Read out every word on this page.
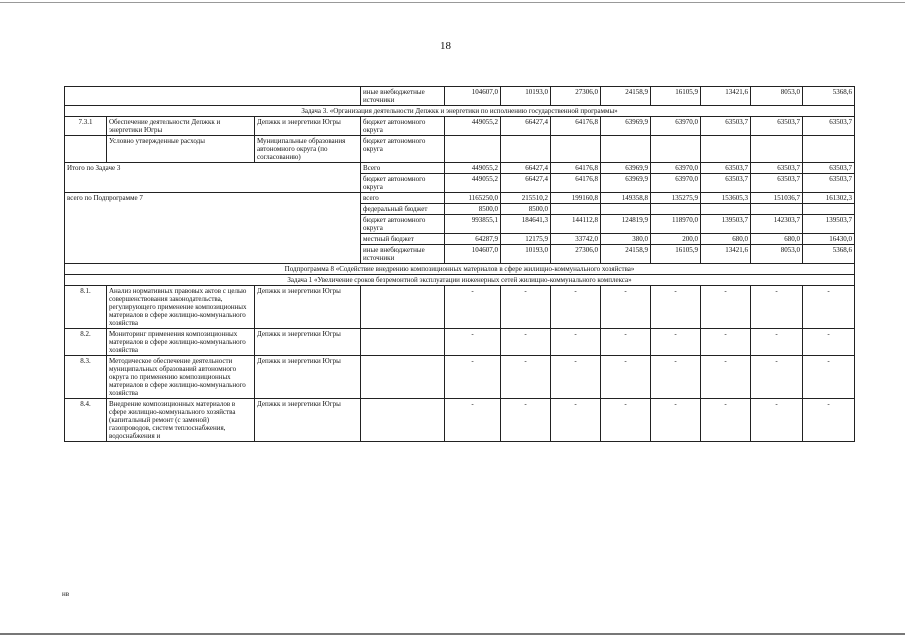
18
			иные внебюджетные источники	104607,0	10193,0	27306,0	24158,9	16105,9	13421,6	8053,0	5368,6
Задача 3. «Организация деятельности Депжкк и энергетики по исполнению государственной программы»											
7.3.1	Обеспечение деятельности Депжкк и энергетики Югры	Депжкк и энергетики Югры	бюджет автономного округа	449055,2	66427,4	64176,8	63969,9	63970,0	63503,7	63503,7	63503,7
	Условно утвержденные расходы	Муниципальные образования автономного округа (по согласованию)	бюджет автономного округа								
Итого по Задаче 3			Всего	449055,2	66427,4	64176,8	63969,9	63970,0	63503,7	63503,7	63503,7
			бюджет автономного округа	449055,2	66427,4	64176,8	63969,9	63970,0	63503,7	63503,7	63503,7
всего по Подпрограмме 7			всего	1165250,0	215510,2	199160,8	149358,8	135275,9	153605,3	151036,7	161302,3
			федеральный бюджет	8500,0	8500,0						
			бюджет автономного округа	993855,1	184641,3	144112,8	124819,9	118970,0	139503,7	142303,7	139503,7
			местный бюджет	64287,9	12175,9	33742,0	380,0	200,0	680,0	680,0	16430,0
			иные внебюджетные источники	104607,0	10193,0	27306,0	24158,9	16105,9	13421,6	8053,0	5368,6
Подпрограмма 8 «Содействие внедрению композиционных материалов в сфере жилищно-коммунального хозяйства»											
Задача 1 «Увеличение сроков безремонтной эксплуатации инженерных сетей жилищно-коммунального комплекса»											
8.1.	Анализ нормативных правовых актов с целью совершенствования законодательства, регулирующего применение композиционных материалов в сфере жилищно-коммунального хозяйства	Депжкк и энергетики Югры		-	-	-	-	-	-	-	-
8.2.	Мониторинг применения композиционных материалов в сфере жилищно-коммунального хозяйства	Депжкк и энергетики Югры		-	-	-	-	-	-	-	-
8.3.	Методическое обеспечение деятельности муниципальных образований автономного округа по применению композиционных материалов в сфере жилищно-коммунального хозяйства	Депжкк и энергетики Югры		-	-	-	-	-	-	-	-
8.4.	Внедрение композиционных материалов в сфере жилищно-коммунального хозяйства (капитальный ремонт (с заменой) газопроводов, систем теплоснабжения, водоснабжения и	Депжкк и энергетики Югры		-	-	-	-	-	-	-	-
нв
